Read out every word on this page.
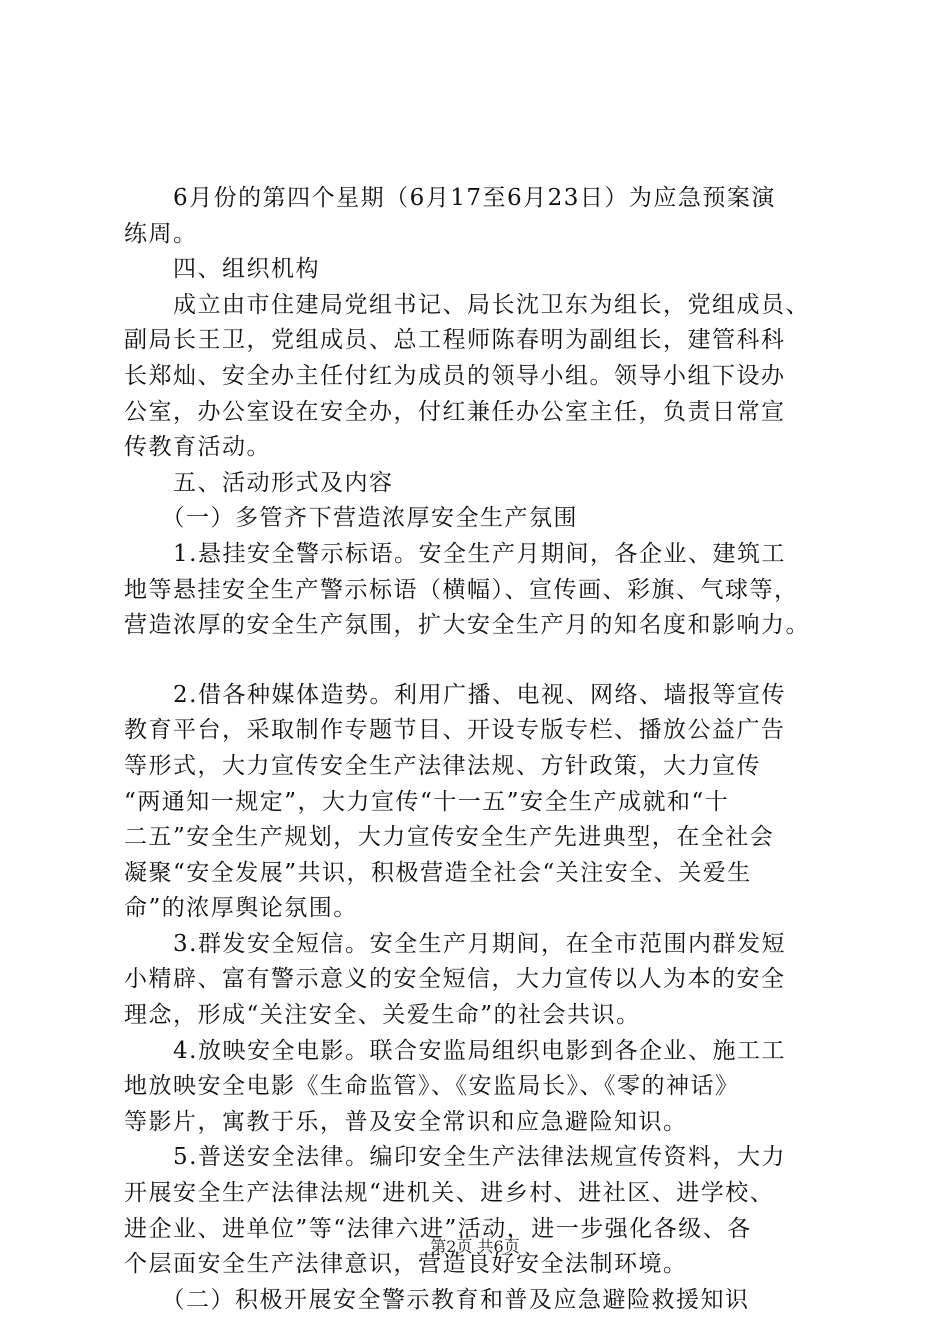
　　6月份的第四个星期（6月17至6月23日）为应急预案演
练周。
　　四、组织机构
　　成立由市住建局党组书记、局长沈卫东为组长，党组成员、
副局长王卫，党组成员、总工程师陈春明为副组长，建管科科
长郑灿、安全办主任付红为成员的领导小组。领导小组下设办
公室，办公室设在安全办，付红兼任办公室主任，负责日常宣
传教育活动。
　　五、活动形式及内容
　　（一）多管齐下营造浓厚安全生产氛围
　　1.悬挂安全警示标语。安全生产月期间，各企业、建筑工
地等悬挂安全生产警示标语（横幅）、宣传画、彩旗、气球等，
营造浓厚的安全生产氛围，扩大安全生产月的知名度和影响力。
　　2.借各种媒体造势。利用广播、电视、网络、墙报等宣传
教育平台，采取制作专题节目、开设专版专栏、播放公益广告
等形式，大力宣传安全生产法律法规、方针政策，大力宣传
“两通知一规定”，大力宣传“十一五”安全生产成就和“十
二五”安全生产规划，大力宣传安全生产先进典型，在全社会
凝聚“安全发展”共识，积极营造全社会“关注安全、关爱生
命”的浓厚舆论氛围。
　　3.群发安全短信。安全生产月期间，在全市范围内群发短
小精辟、富有警示意义的安全短信，大力宣传以人为本的安全
理念，形成“关注安全、关爱生命”的社会共识。
　　4.放映安全电影。联合安监局组织电影到各企业、施工工
地放映安全电影《生命监管》、《安监局长》、《零的神话》
等影片，寓教于乐，普及安全常识和应急避险知识。
　　5.普送安全法律。编印安全生产法律法规宣传资料，大力
开展安全生产法律法规“进机关、进乡村、进社区、进学校、
进企业、进单位”等“法律六进”活动，进一步强化各级、各
个层面安全生产法律意识，营造良好安全法制环境。
　　（二）积极开展安全警示教育和普及应急避险救援知识
第2页 共6页
